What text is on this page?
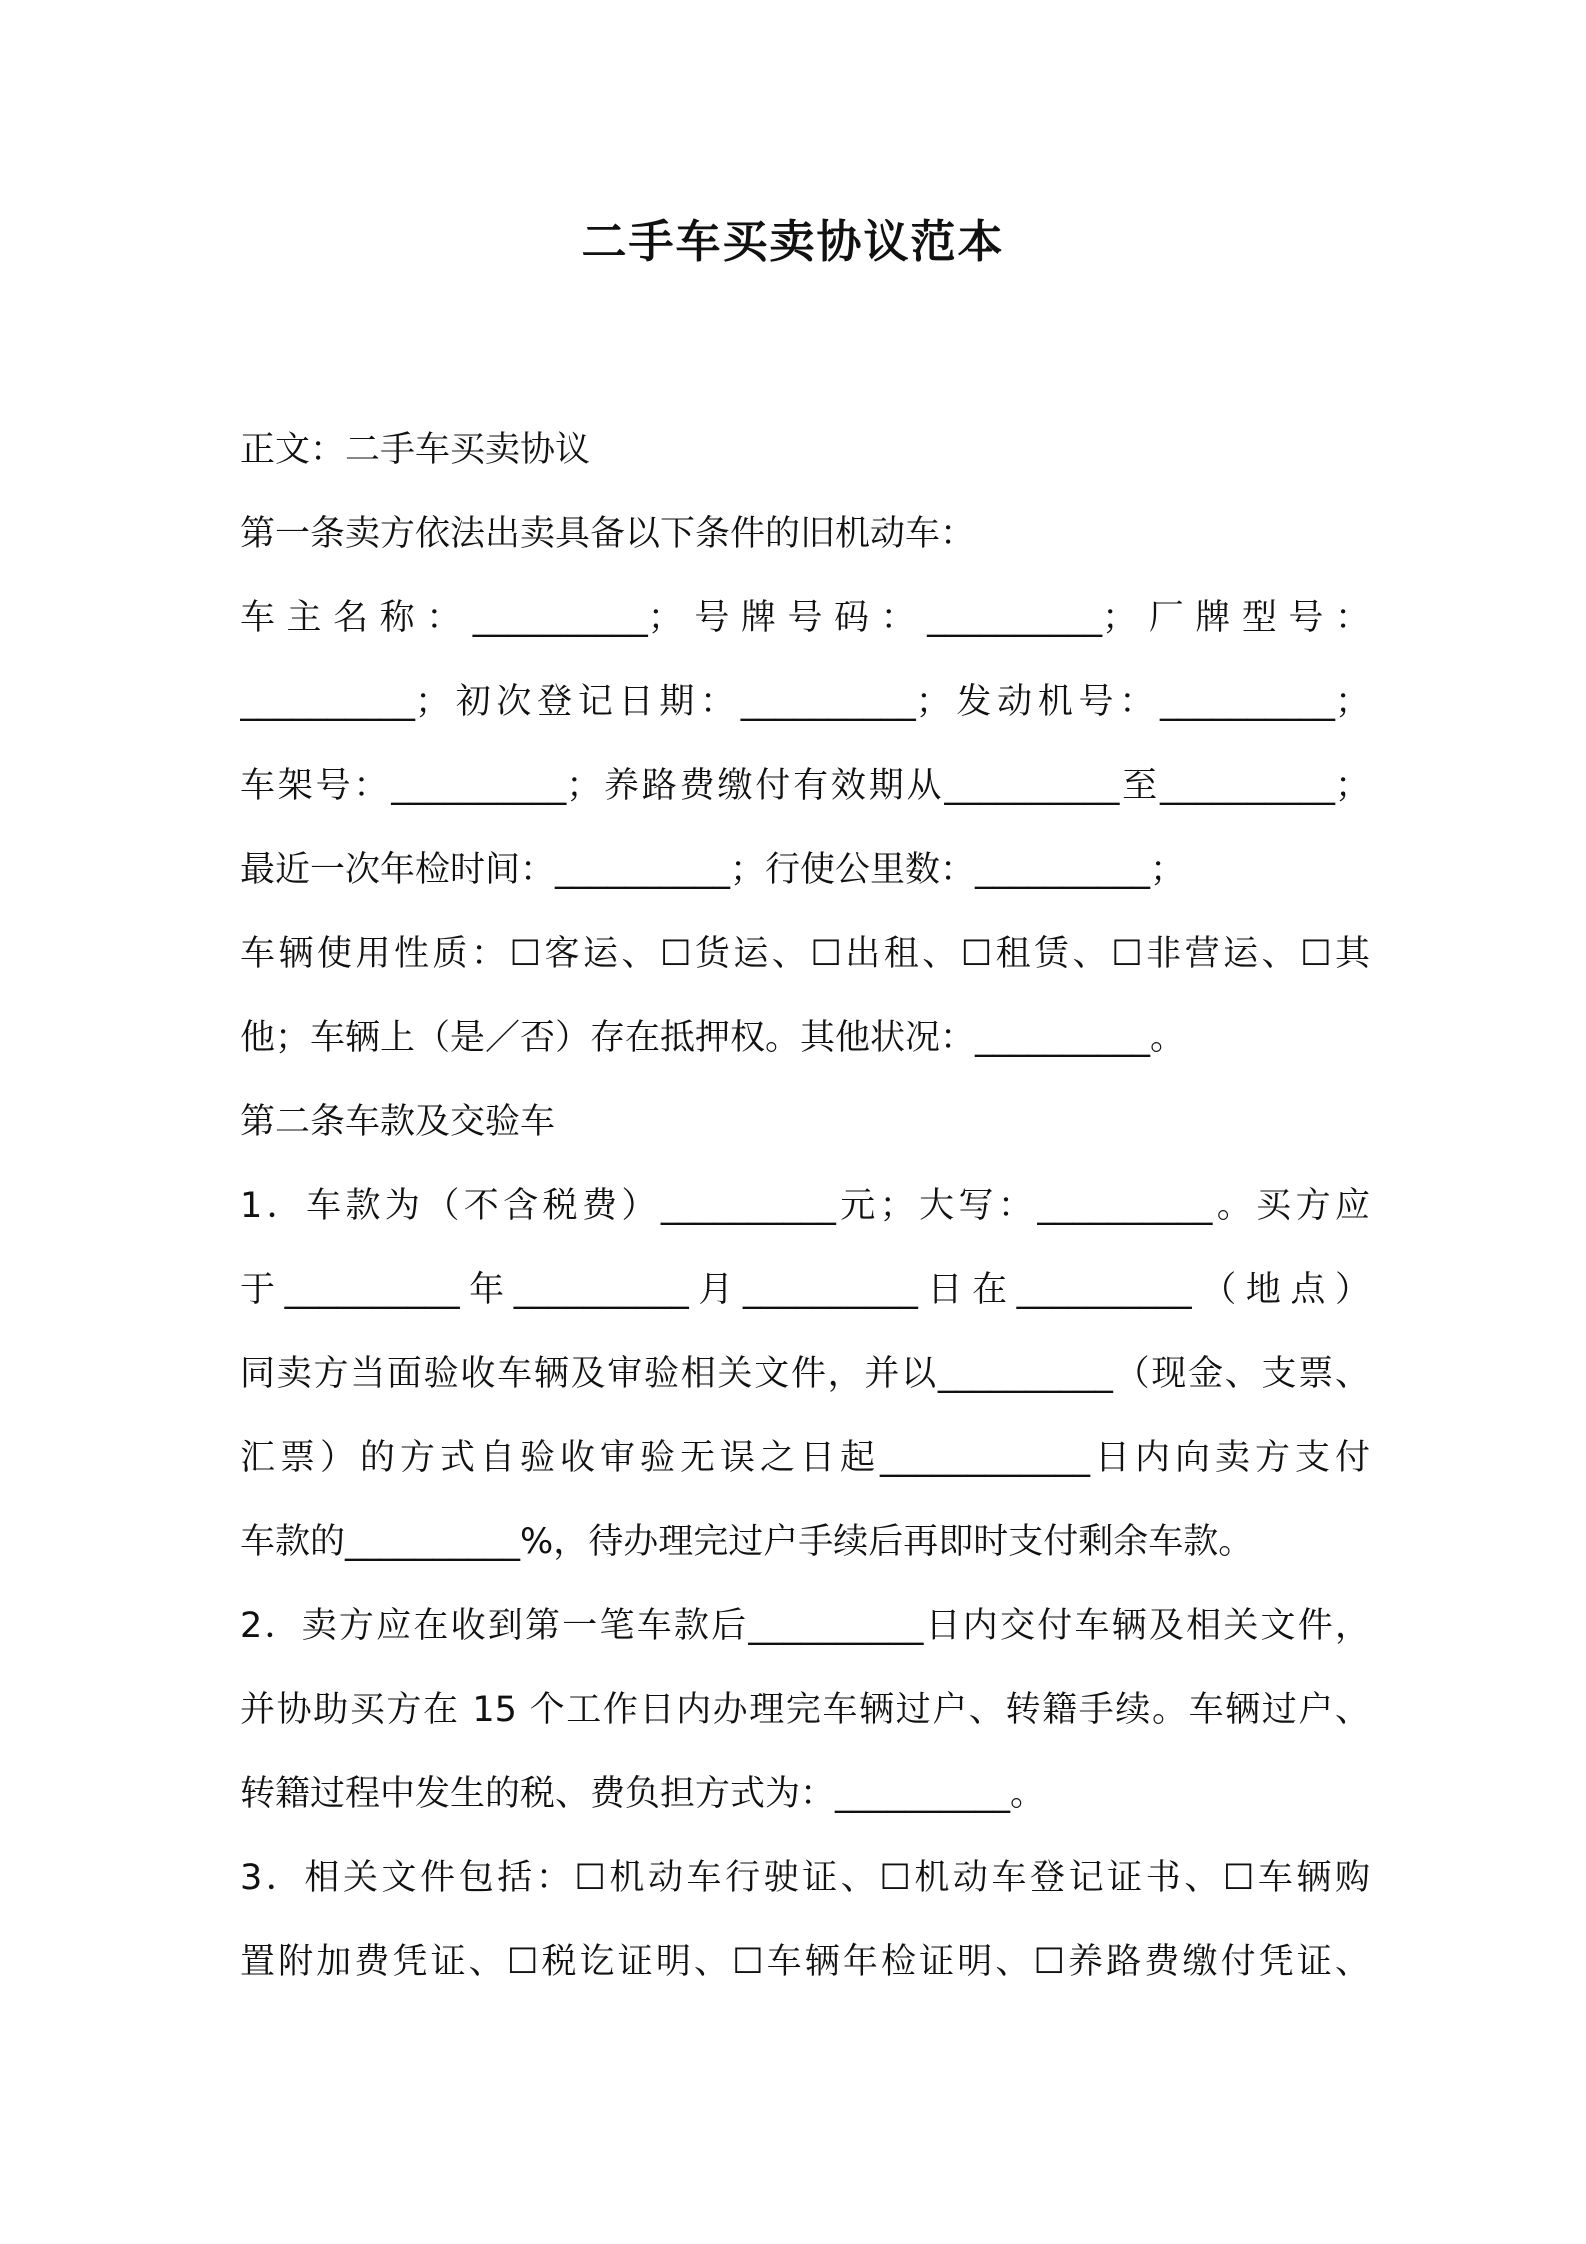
二手车买卖协议范本
正文：二手车买卖协议
第一条卖方依法出卖具备以下条件的旧机动车：
车主名称：__________；号牌号码：__________；厂牌型号：
__________；初次登记日期：__________；发动机号：__________；
车架号：__________；养路费缴付有效期从__________至__________；
最近一次年检时间：__________；行使公里数：__________；
车辆使用性质：☐客运、☐货运、☐出租、☐租赁、☐非营运、☐其
他；车辆上（是／否）存在抵押权。其他状况：__________。
第二条车款及交验车
1．车款为（不含税费）__________元；大写：__________。买方应
于__________年__________月__________日在__________（地点）
同卖方当面验收车辆及审验相关文件，并以__________（现金、支票、
汇票）的方式自验收审验无误之日起____________日内向卖方支付
车款的__________%，待办理完过户手续后再即时支付剩余车款。
2．卖方应在收到第一笔车款后__________日内交付车辆及相关文件，
并协助买方在 15 个工作日内办理完车辆过户、转籍手续。车辆过户、
转籍过程中发生的税、费负担方式为：__________。
3．相关文件包括：☐机动车行驶证、☐机动车登记证书、☐车辆购
置附加费凭证、☐税讫证明、☐车辆年检证明、☐养路费缴付凭证、
